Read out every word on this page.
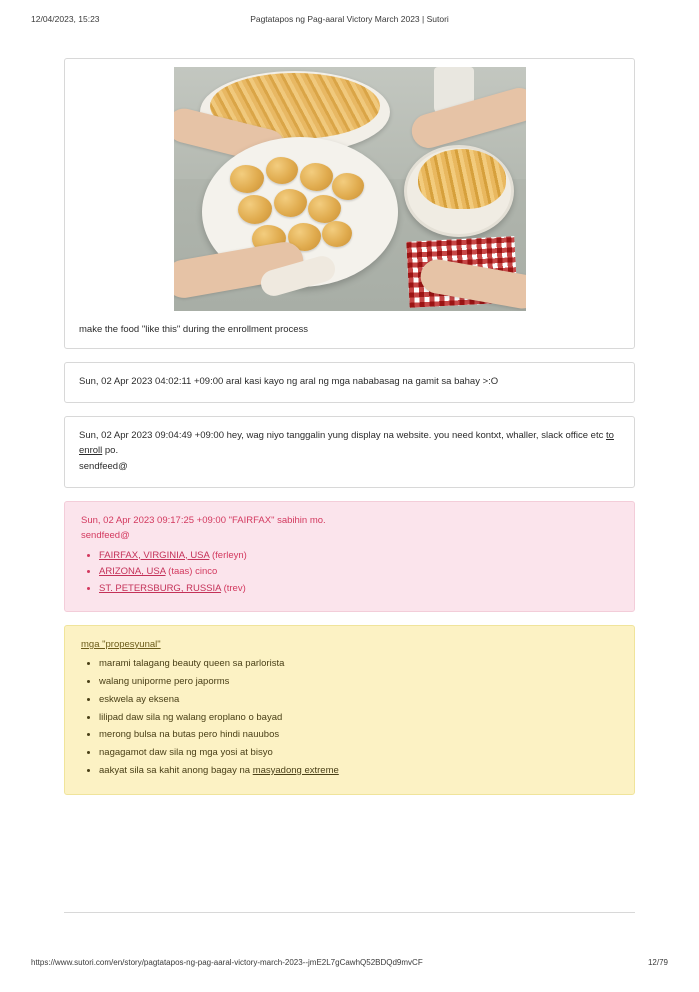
12/04/2023, 15:23	Pagtatapos ng Pag-aaral Victory March 2023 | Sutori
make the food "like this" during the enrollment process
Sun, 02 Apr 2023 04:02:11 +09:00 aral kasi kayo ng aral ng mga nababasag na gamit sa bahay >:O
Sun, 02 Apr 2023 09:04:49 +09:00 hey, wag niyo tanggalin yung display na website. you need kontxt, whaller, slack office etc to enroll po.
sendfeed@
Sun, 02 Apr 2023 09:17:25 +09:00 "FAIRFAX" sabihin mo.
sendfeed@
• FAIRFAX, VIRGINIA, USA (ferleyn)
• ARIZONA, USA (taas) cinco
• ST. PETERSBURG, RUSSIA (trev)
mga "propesyunal"
• marami talagang beauty queen sa parlorista
• walang uniporme pero japorms
• eskwela ay eksena
• lilipad daw sila ng walang eroplano o bayad
• merong bulsa na butas pero hindi nauubos
• nagagamot daw sila ng mga yosi at bisyo
• aakyat sila sa kahit anong bagay na masyadong extreme
https://www.sutori.com/en/story/pagtatapos-ng-pag-aaral-victory-march-2023--jmE2L7gCawhQ52BDQd9mvCF	12/79
